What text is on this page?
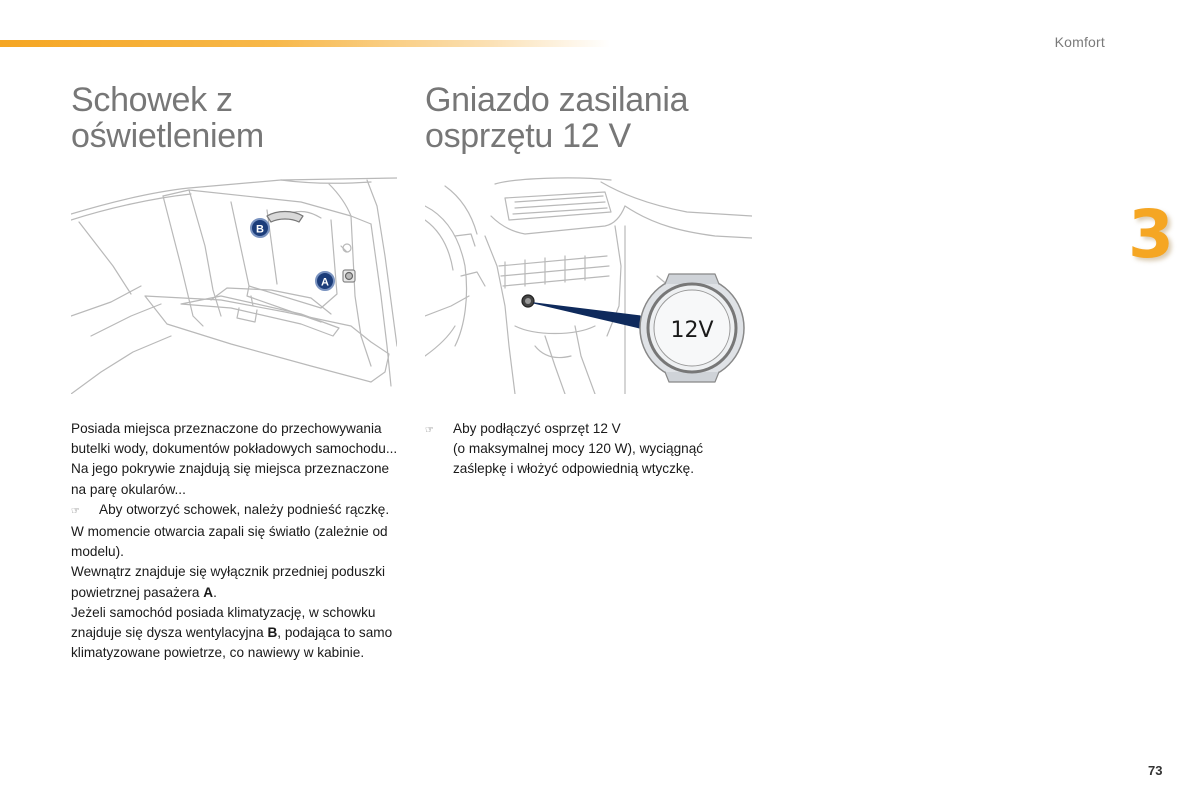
Komfort
3
Schowek z
oświetleniem
A
B

Posiada miejsca przeznaczone do przechowywania butelki wody, dokumentów pokładowych samochodu...

Na jego pokrywie znajdują się miejsca przeznaczone na parę okularów...

☞	Aby otworzyć schowek, należy podnieść rączkę.

W momencie otwarcia zapali się światło (zależnie od modelu).

Wewnątrz znajduje się wyłącznik przedniej poduszki powietrznej pasażera A.

Jeżeli samochód posiada klimatyzację, w schowku znajduje się dysza wentylacyjna B, podająca to samo klimatyzowane powietrze, co nawiewy w kabinie.

Gniazdo zasilania
osprzętu 12 V
12V
☞	Aby podłączyć osprzęt 12 V
(o maksymalnej mocy 120 W), wyciągnąć zaślepkę i włożyć odpowiednią wtyczkę.
73
